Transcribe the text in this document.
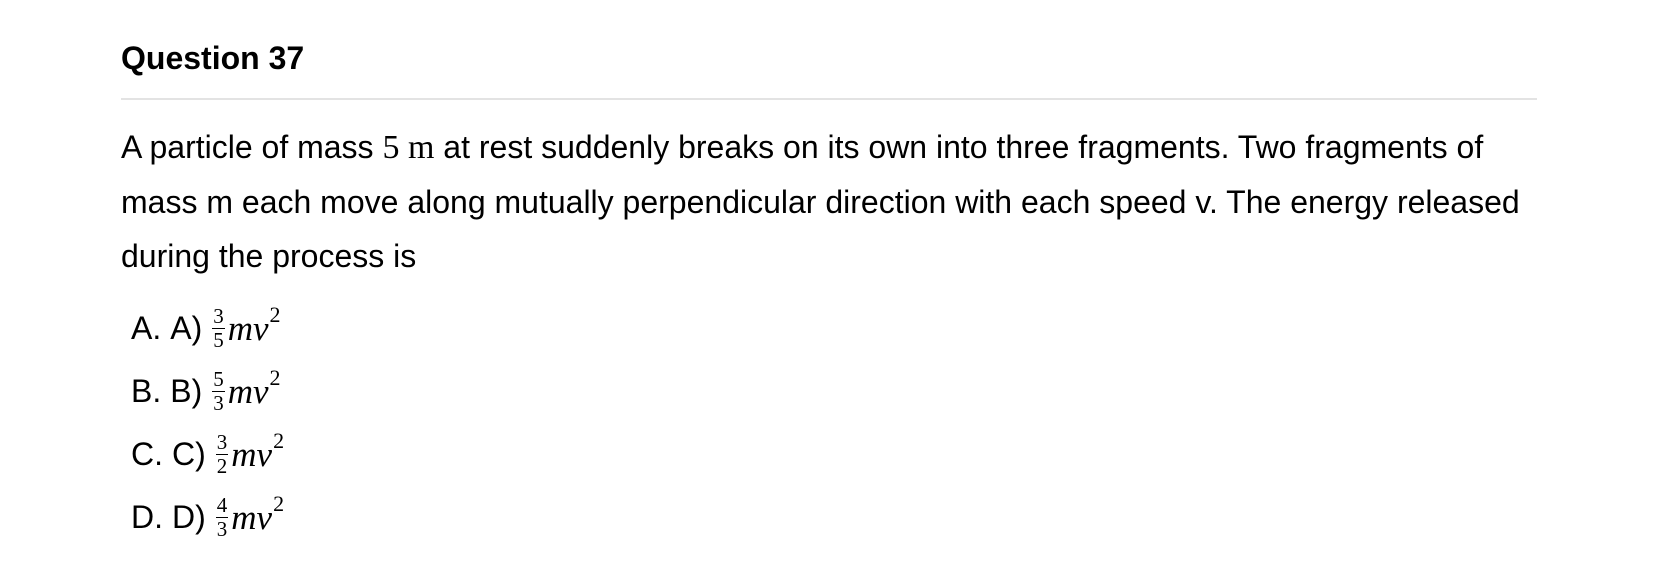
Question 37
A particle of mass 5 m at rest suddenly breaks on its own into three fragments. Two fragments of mass m each move along mutually perpendicular direction with each speed v. The energy released during the process is
A. $A) \frac{3}{5}$ mv 2
B. $B) \frac{5}{3}$ mv 2
C. $C) \frac{3}{2}$ mv 2
D. $D) \frac{4}{3}$ mv 2
